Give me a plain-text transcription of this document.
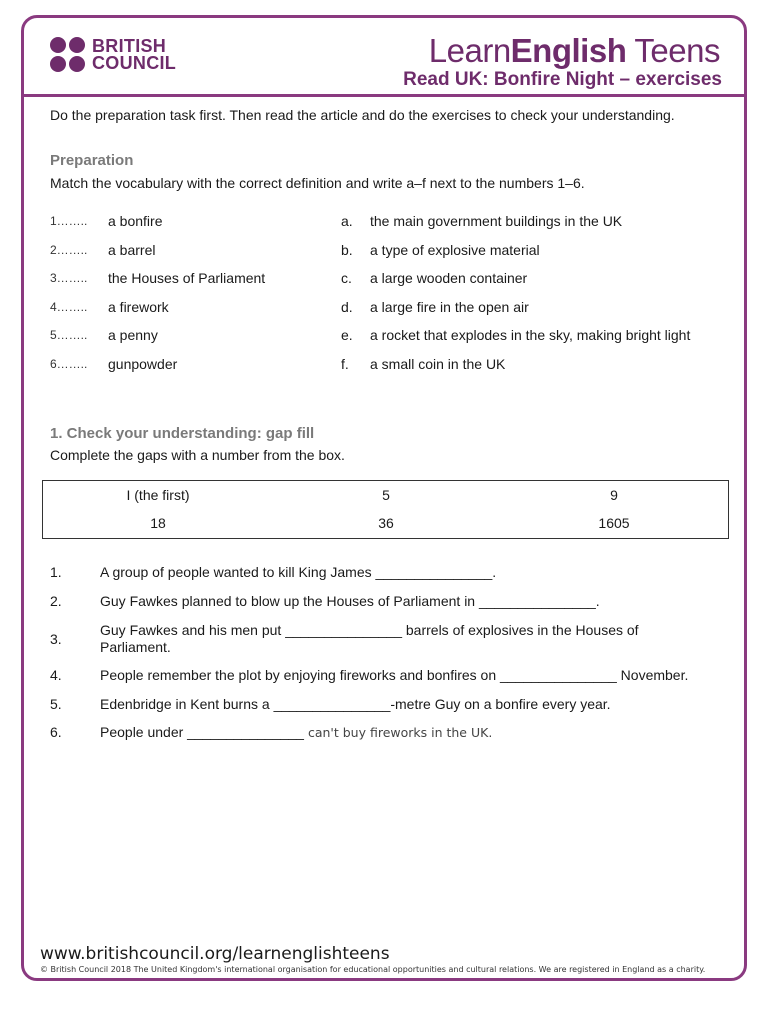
BRITISH
COUNCIL	LearnEnglish Teens
Read UK: Bonfire Night – exercises
Do the preparation task first. Then read the article and do the exercises to check your understanding.
Preparation
Match the vocabulary with the correct definition and write a–f next to the numbers 1–6.
1…….. a bonfire	a. the main government buildings in the UK
2…….. a barrel	b. a type of explosive material
3…….. the Houses of Parliament	c. a large wooden container
4…….. a firework	d. a large fire in the open air
5…….. a penny	e. a rocket that explodes in the sky, making bright light
6…….. gunpowder	f. a small coin in the UK
1. Check your understanding: gap fill
Complete the gaps with a number from the box.
I (the first)	5	9
18	36	1605
1.	A group of people wanted to kill King James _______________.
2.	Guy Fawkes planned to blow up the Houses of Parliament in _______________.
3.
Guy Fawkes and his men put _______________ barrels of explosives in the Houses of Parliament.
4.	People remember the plot by enjoying fireworks and bonfires on _______________ November.
5.	Edenbridge in Kent burns a _______________-metre Guy on a bonfire every year.
6.	People under _______________ can't buy fireworks in the UK.
www.britishcouncil.org/learnenglishteens
© British Council 2018 The United Kingdom's international organisation for educational opportunities and cultural relations. We are registered in England as a charity.
